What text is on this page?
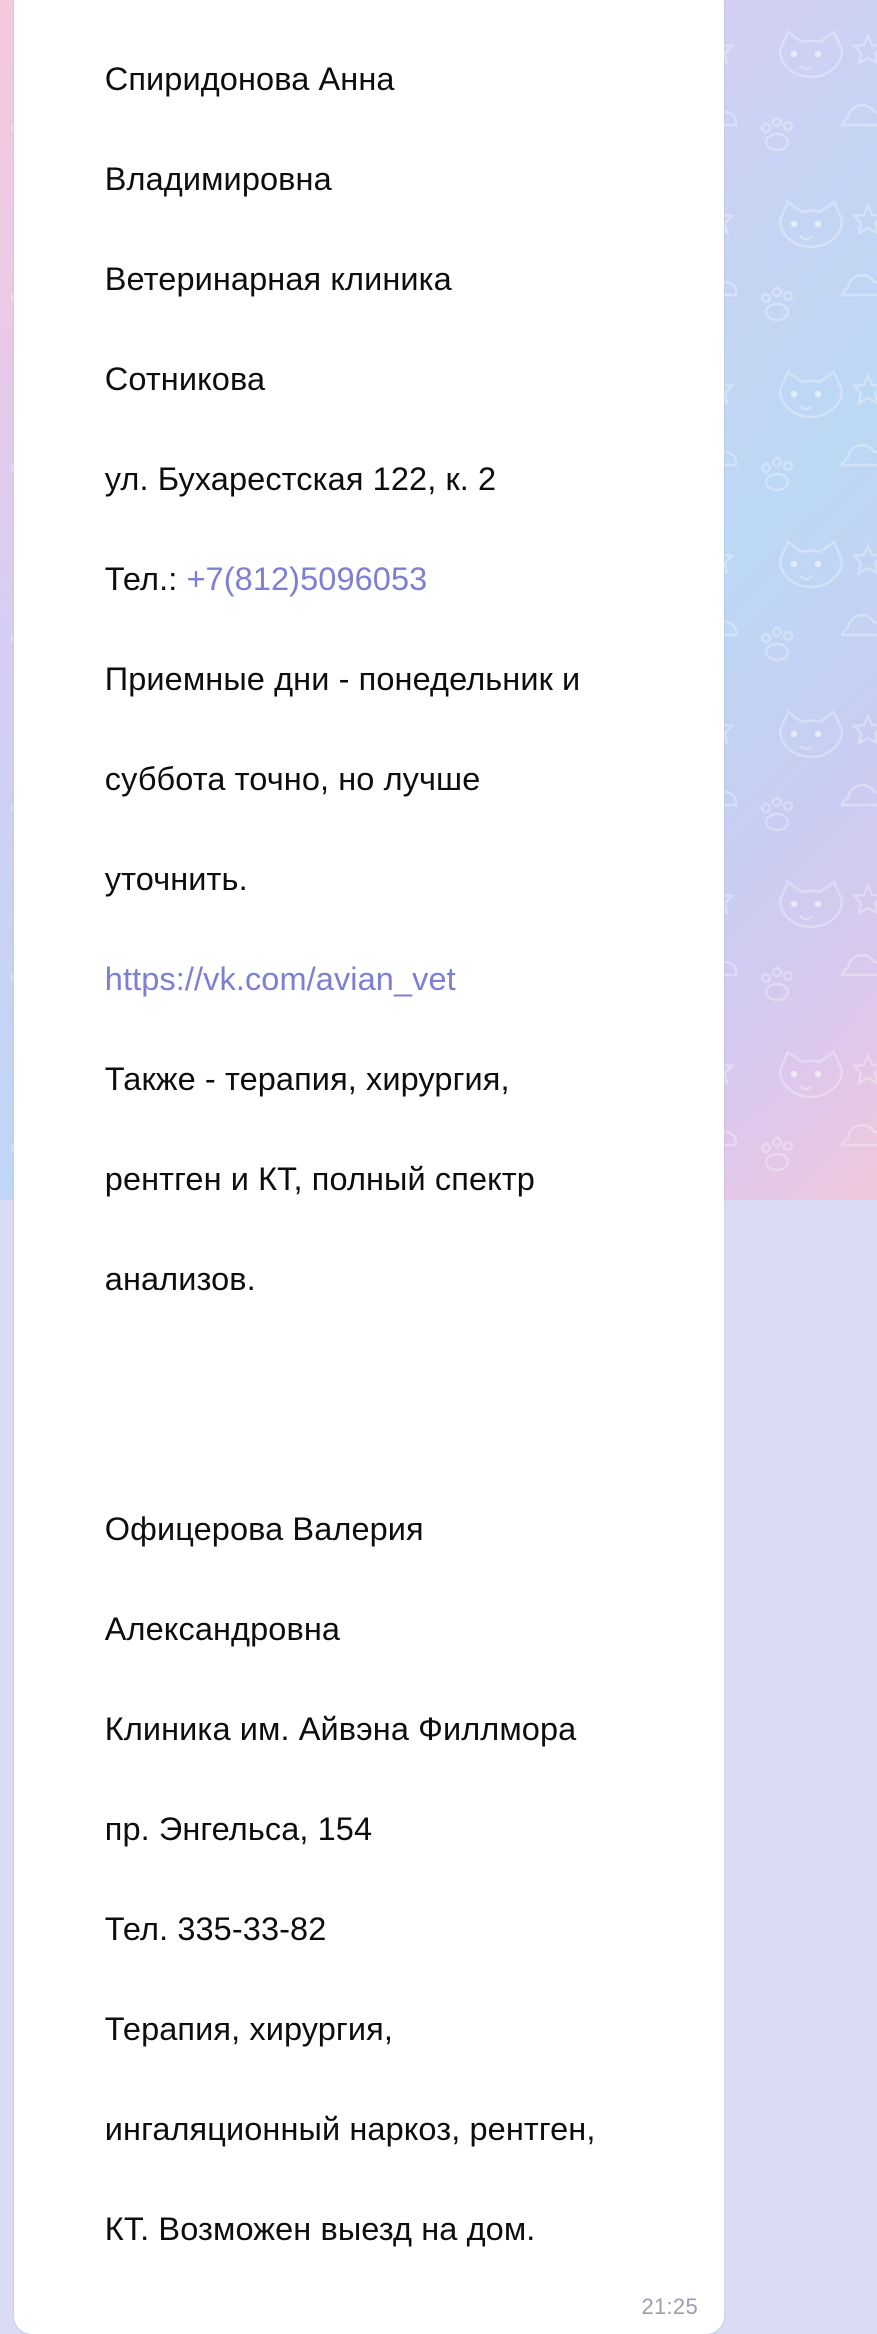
Спиридонова Анна

Владимировна

Ветеринарная клиника

Сотникова

ул. Бухарестская 122, к. 2

Тел.: +7(812)5096053

Приемные дни - понедельник и

суббота точно, но лучше

уточнить.

https://vk.com/avian_vet

Также - терапия, хирургия,

рентген и КТ, полный спектр

анализов.

Офицерова Валерия

Александровна

Клиника им. Айвэна Филлмора

пр. Энгельса, 154

Тел. 335-33-82

Терапия, хирургия,

ингаляционный наркоз, рентген,

КТ. Возможен выезд на дом.

21:25
